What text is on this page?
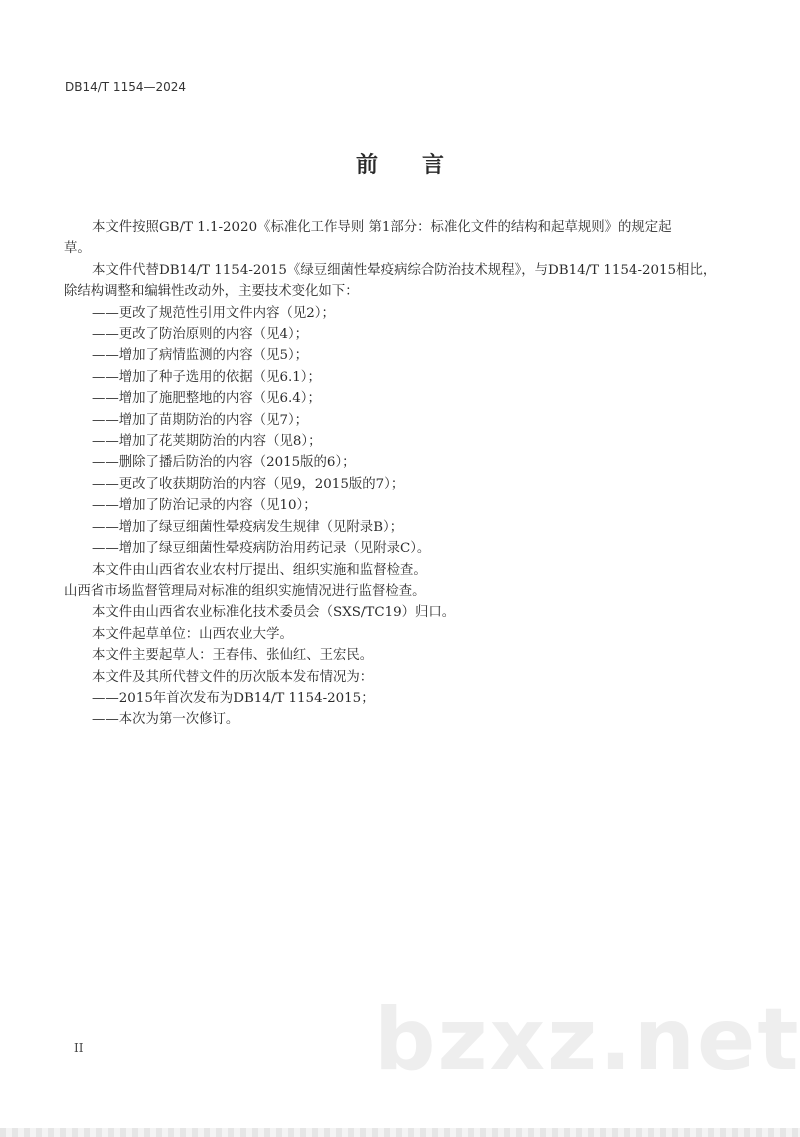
DB14/T 1154—2024
前 言

本文件按照GB/T 1.1-2020《标准化工作导则 第1部分：标准化文件的结构和起草规则》的规定起

草。

本文件代替DB14/T 1154-2015《绿豆细菌性晕疫病综合防治技术规程》，与DB14/T 1154-2015相比，

除结构调整和编辑性改动外，主要技术变化如下：

——更改了规范性引用文件内容（见2）；

——更改了防治原则的内容（见4）；

——增加了病情监测的内容（见5）；

——增加了种子选用的依据（见6.1）；

——增加了施肥整地的内容（见6.4）；

——增加了苗期防治的内容（见7）；

——增加了花荚期防治的内容（见8）；

——删除了播后防治的内容（2015版的6）；

——更改了收获期防治的内容（见9，2015版的7）；

——增加了防治记录的内容（见10）；

——增加了绿豆细菌性晕疫病发生规律（见附录B）；

——增加了绿豆细菌性晕疫病防治用药记录（见附录C）。

本文件由山西省农业农村厅提出、组织实施和监督检查。

山西省市场监督管理局对标准的组织实施情况进行监督检查。

本文件由山西省农业标准化技术委员会（SXS/TC19）归口。

本文件起草单位：山西农业大学。

本文件主要起草人：王春伟、张仙红、王宏民。

本文件及其所代替文件的历次版本发布情况为：

——2015年首次发布为DB14/T 1154-2015；

——本次为第一次修订。

bzxz.net
II
